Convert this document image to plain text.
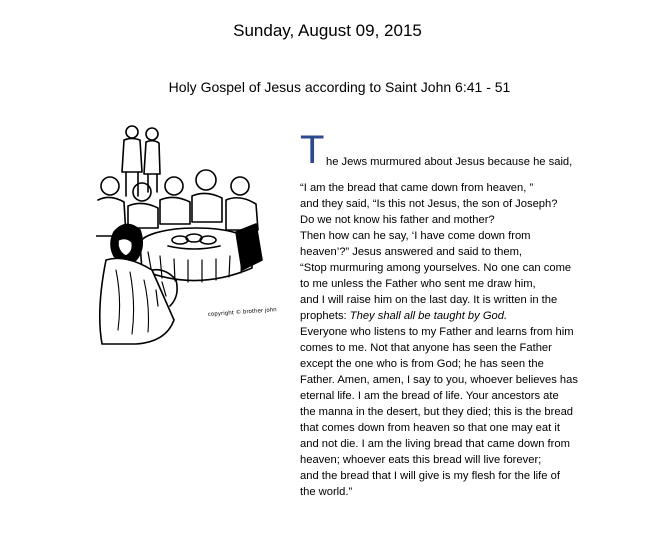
Sunday, August 09, 2015
Holy Gospel of Jesus according to Saint John 6:41 - 51
copyright © brother john
T he Jews murmured about Jesus because he said,
“I am the bread that came down from heaven, ”
and they said, “Is this not Jesus, the son of Joseph?
Do we not know his father and mother?
Then how can he say, ‘I have come down from
heaven’?” Jesus answered and said to them,
“Stop murmuring among yourselves. No one can come
to me unless the Father who sent me draw him,
and I will raise him on the last day. It is written in the
prophets: They shall all be taught by God.
Everyone who listens to my Father and learns from him
comes to me. Not that anyone has seen the Father
except the one who is from God; he has seen the
Father. Amen, amen, I say to you, whoever believes has
eternal life. I am the bread of life. Your ancestors ate
the manna in the desert, but they died; this is the bread
that comes down from heaven so that one may eat it
and not die. I am the living bread that came down from
heaven; whoever eats this bread will live forever;
and the bread that I will give is my flesh for the life of
the world.”
